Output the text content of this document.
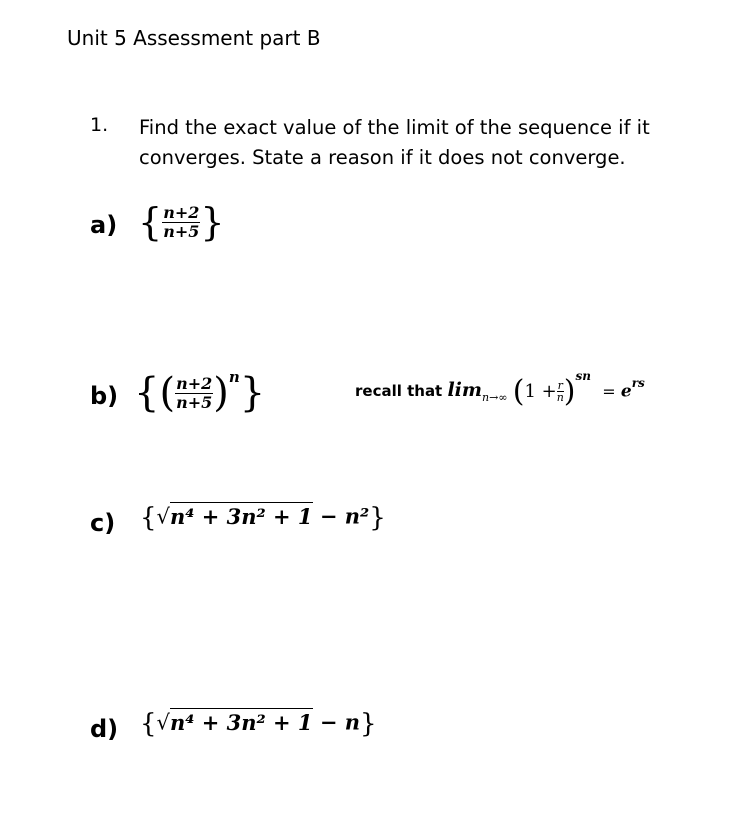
Unit 5 Assessment part B
1. Find the exact value of the limit of the sequence if it converges. State a reason if it does not converge.
a) { $\frac{n+2}{n+5}$ }
b) {( $\frac{n+2}{n+5} )n$}	recall that $\lim_{n\to\infty} (1 + \frac{r}{n} )^{sn} = e^{rs}$
c) {√n⁴ + 3n² + 1 − n²}
d) {√n⁴ + 3n² + 1 − n}
